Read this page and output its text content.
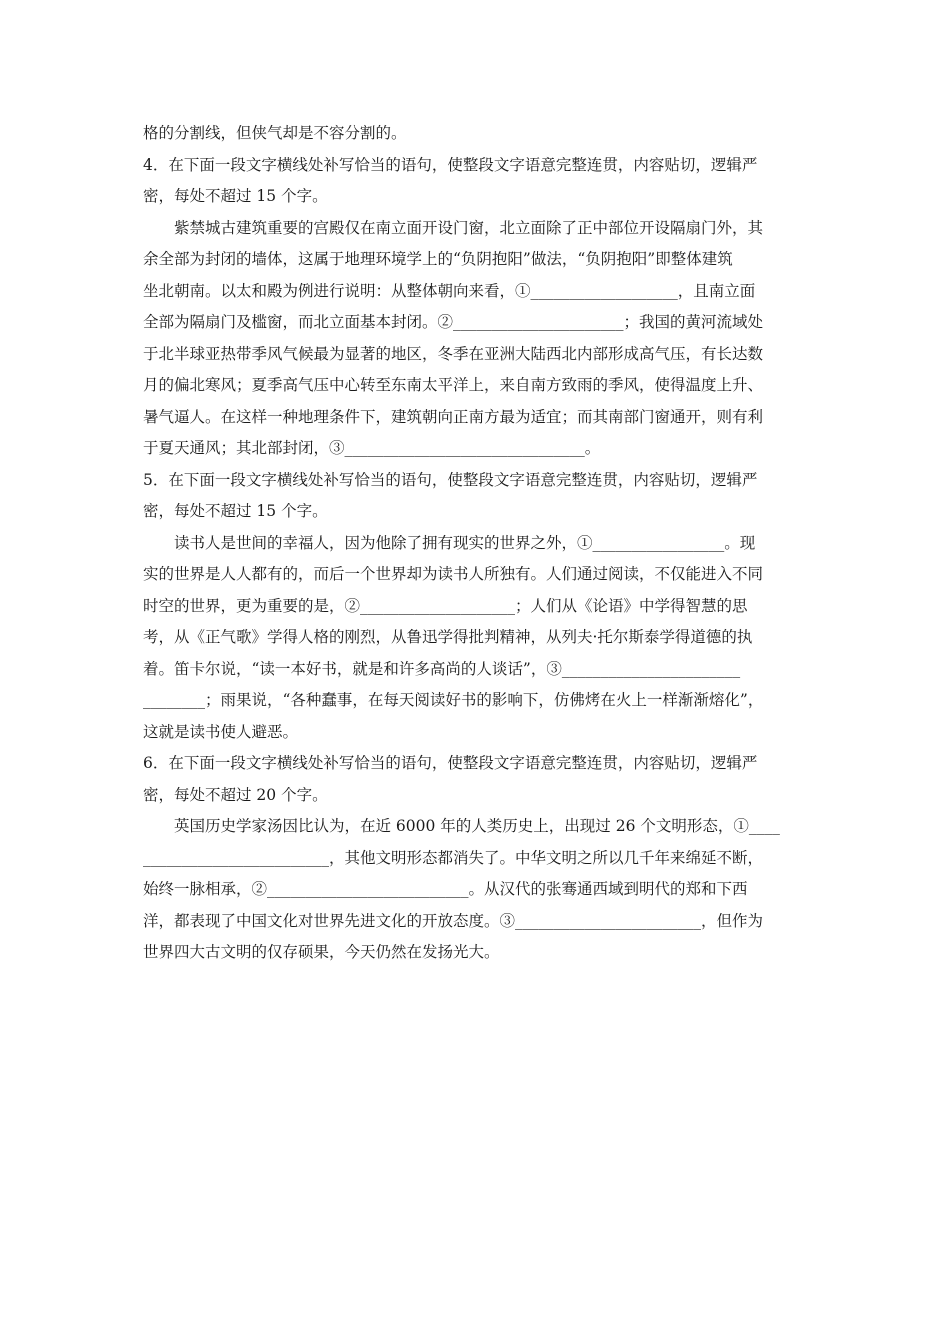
格的分割线，但侠气却是不容分割的。
4．在下面一段文字横线处补写恰当的语句，使整段文字语意完整连贯，内容贴切，逻辑严
密，每处不超过 15 个字。
紫禁城古建筑重要的宫殿仅在南立面开设门窗，北立面除了正中部位开设隔扇门外，其
余全部为封闭的墙体，这属于地理环境学上的“负阴抱阳”做法，“负阴抱阳”即整体建筑
坐北朝南。以太和殿为例进行说明：从整体朝向来看，①___________________，且南立面
全部为隔扇门及槛窗，而北立面基本封闭。②______________________；我国的黄河流域处
于北半球亚热带季风气候最为显著的地区，冬季在亚洲大陆西北内部形成高气压，有长达数
月的偏北寒风；夏季高气压中心转至东南太平洋上，来自南方致雨的季风，使得温度上升、
暑气逼人。在这样一种地理条件下，建筑朝向正南方最为适宜；而其南部门窗通开，则有利
于夏天通风；其北部封闭，③_______________________________。
5．在下面一段文字横线处补写恰当的语句，使整段文字语意完整连贯，内容贴切，逻辑严
密，每处不超过 15 个字。
读书人是世间的幸福人，因为他除了拥有现实的世界之外，①_________________。现
实的世界是人人都有的，而后一个世界却为读书人所独有。人们通过阅读，不仅能进入不同
时空的世界，更为重要的是，②____________________；人们从《论语》中学得智慧的思
考，从《正气歌》学得人格的刚烈，从鲁迅学得批判精神，从列夫·托尔斯泰学得道德的执
着。笛卡尔说，“读一本好书，就是和许多高尚的人谈话”，③_______________________
________；雨果说，“各种蠢事，在每天阅读好书的影响下，仿佛烤在火上一样渐渐熔化”，
这就是读书使人避恶。
6．在下面一段文字横线处补写恰当的语句，使整段文字语意完整连贯，内容贴切，逻辑严
密，每处不超过 20 个字。
英国历史学家汤因比认为，在近 6000 年的人类历史上，出现过 26 个文明形态，①____
________________________，其他文明形态都消失了。中华文明之所以几千年来绵延不断，
始终一脉相承，②__________________________。从汉代的张骞通西域到明代的郑和下西
洋，都表现了中国文化对世界先进文化的开放态度。③________________________，但作为
世界四大古文明的仅存硕果，今天仍然在发扬光大。
